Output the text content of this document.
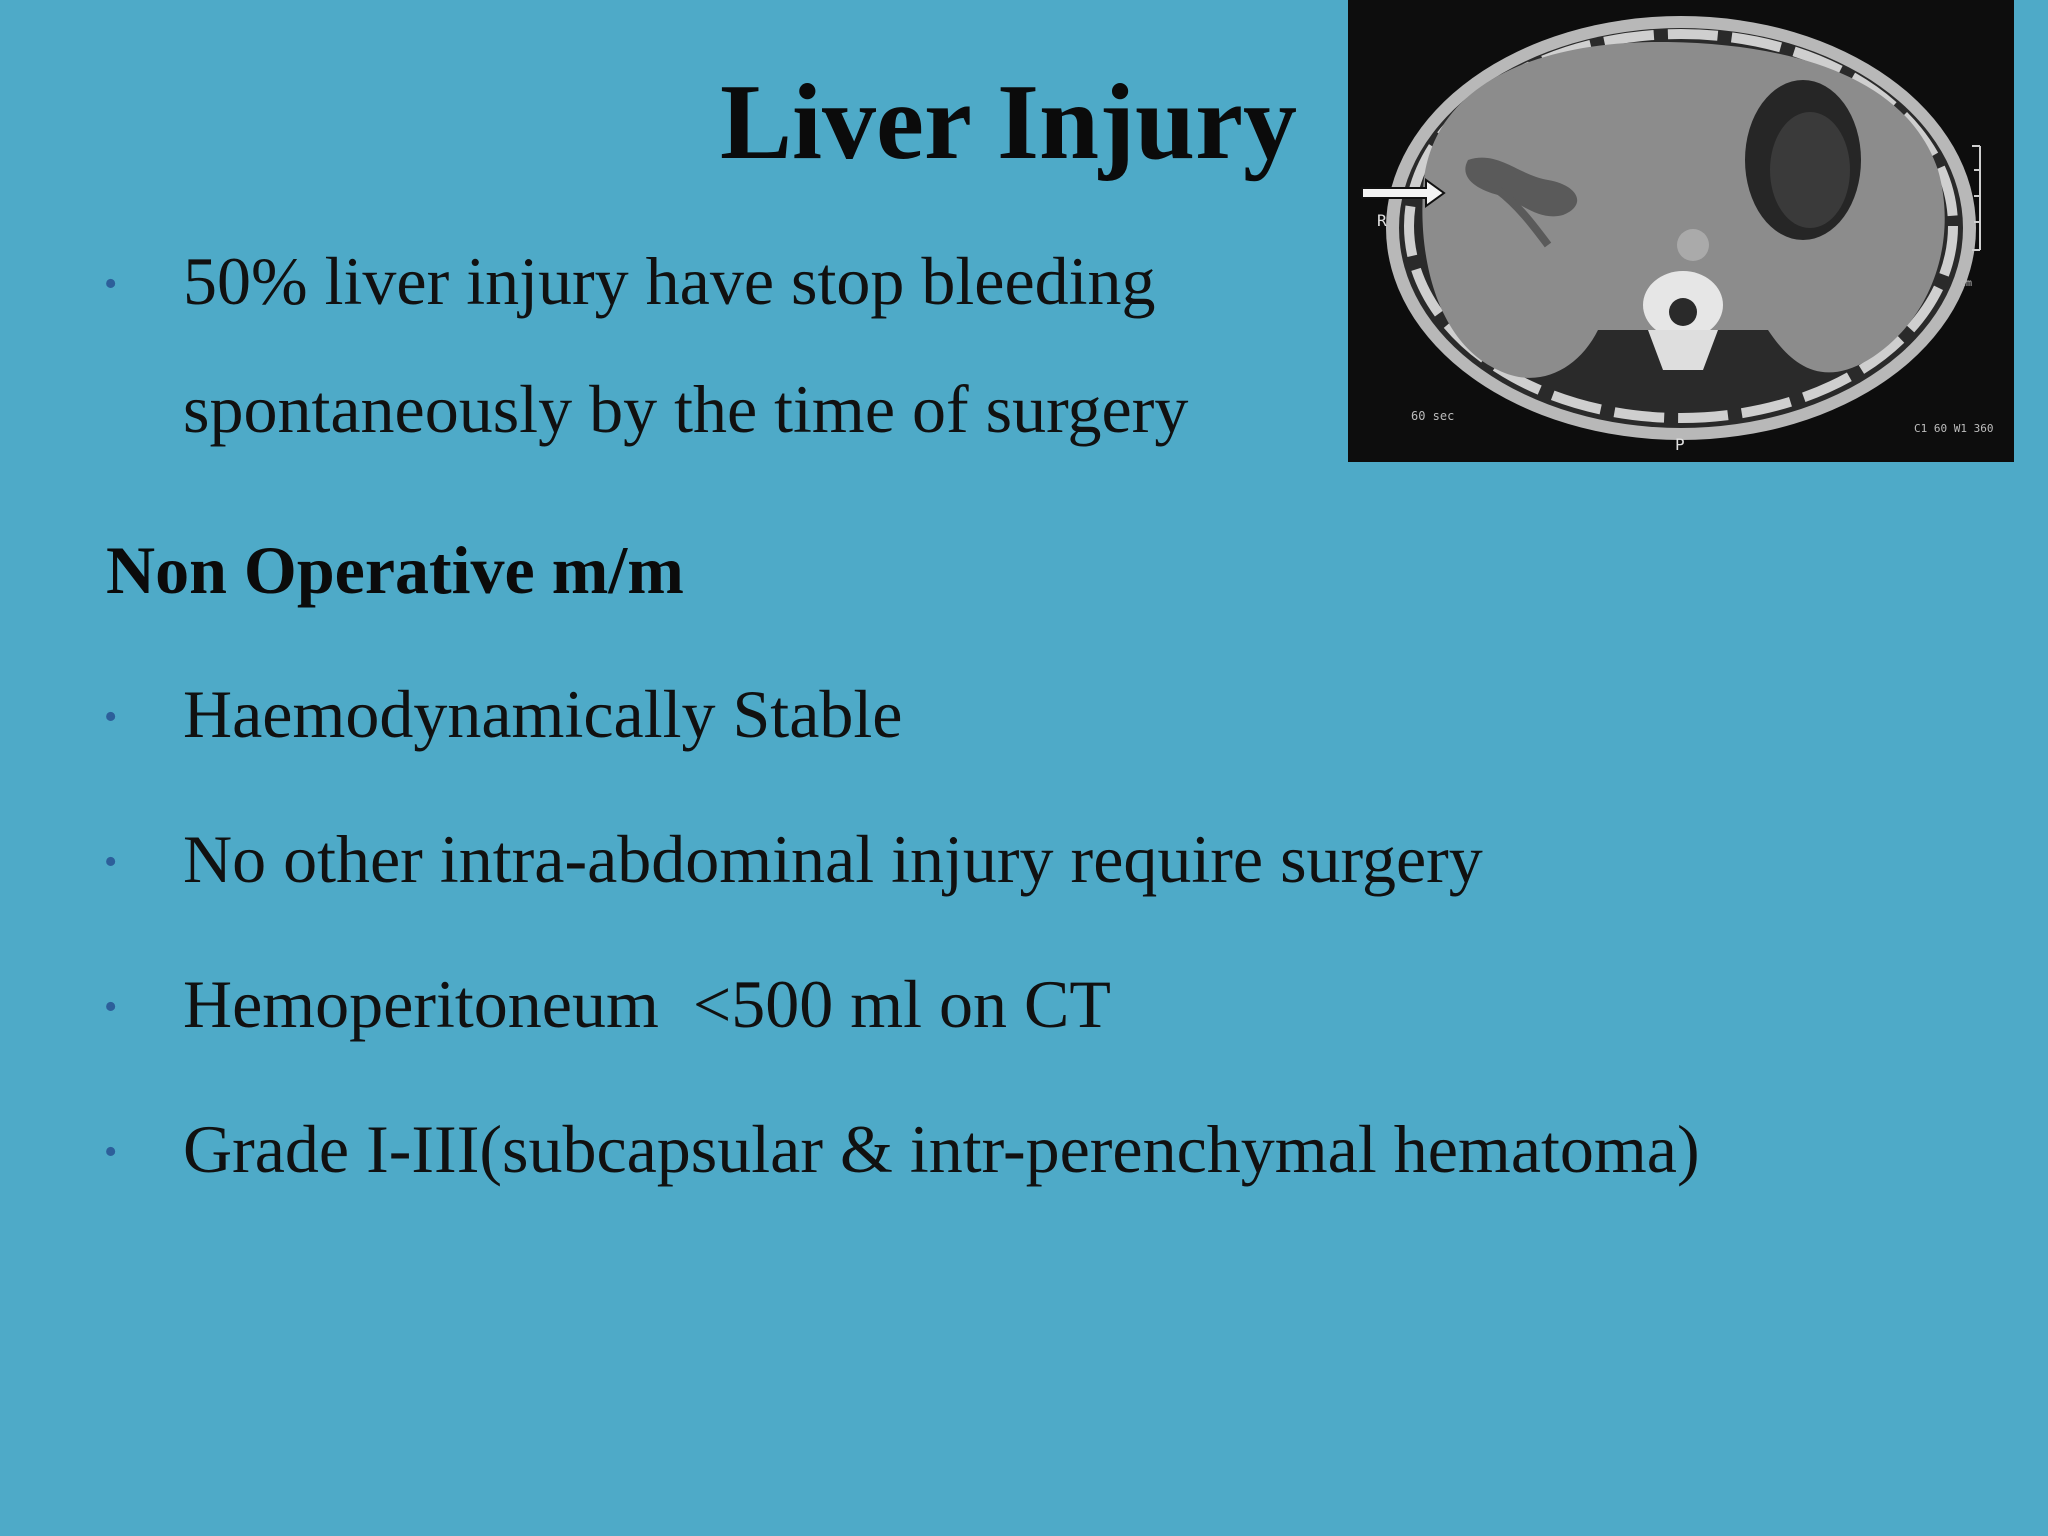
Liver Injury
• 50% liver injury have stop bleeding
spontaneously by the time of surgery
Non Operative m/m
• Haemodynamically Stable
• No other intra-abdominal injury require surgery
• Hemoperitoneum  <500 ml on CT
• Grade I-III(subcapsular & intr-perenchymal hematoma)
R
P
60 sec
cm
C1 60 W1 360
